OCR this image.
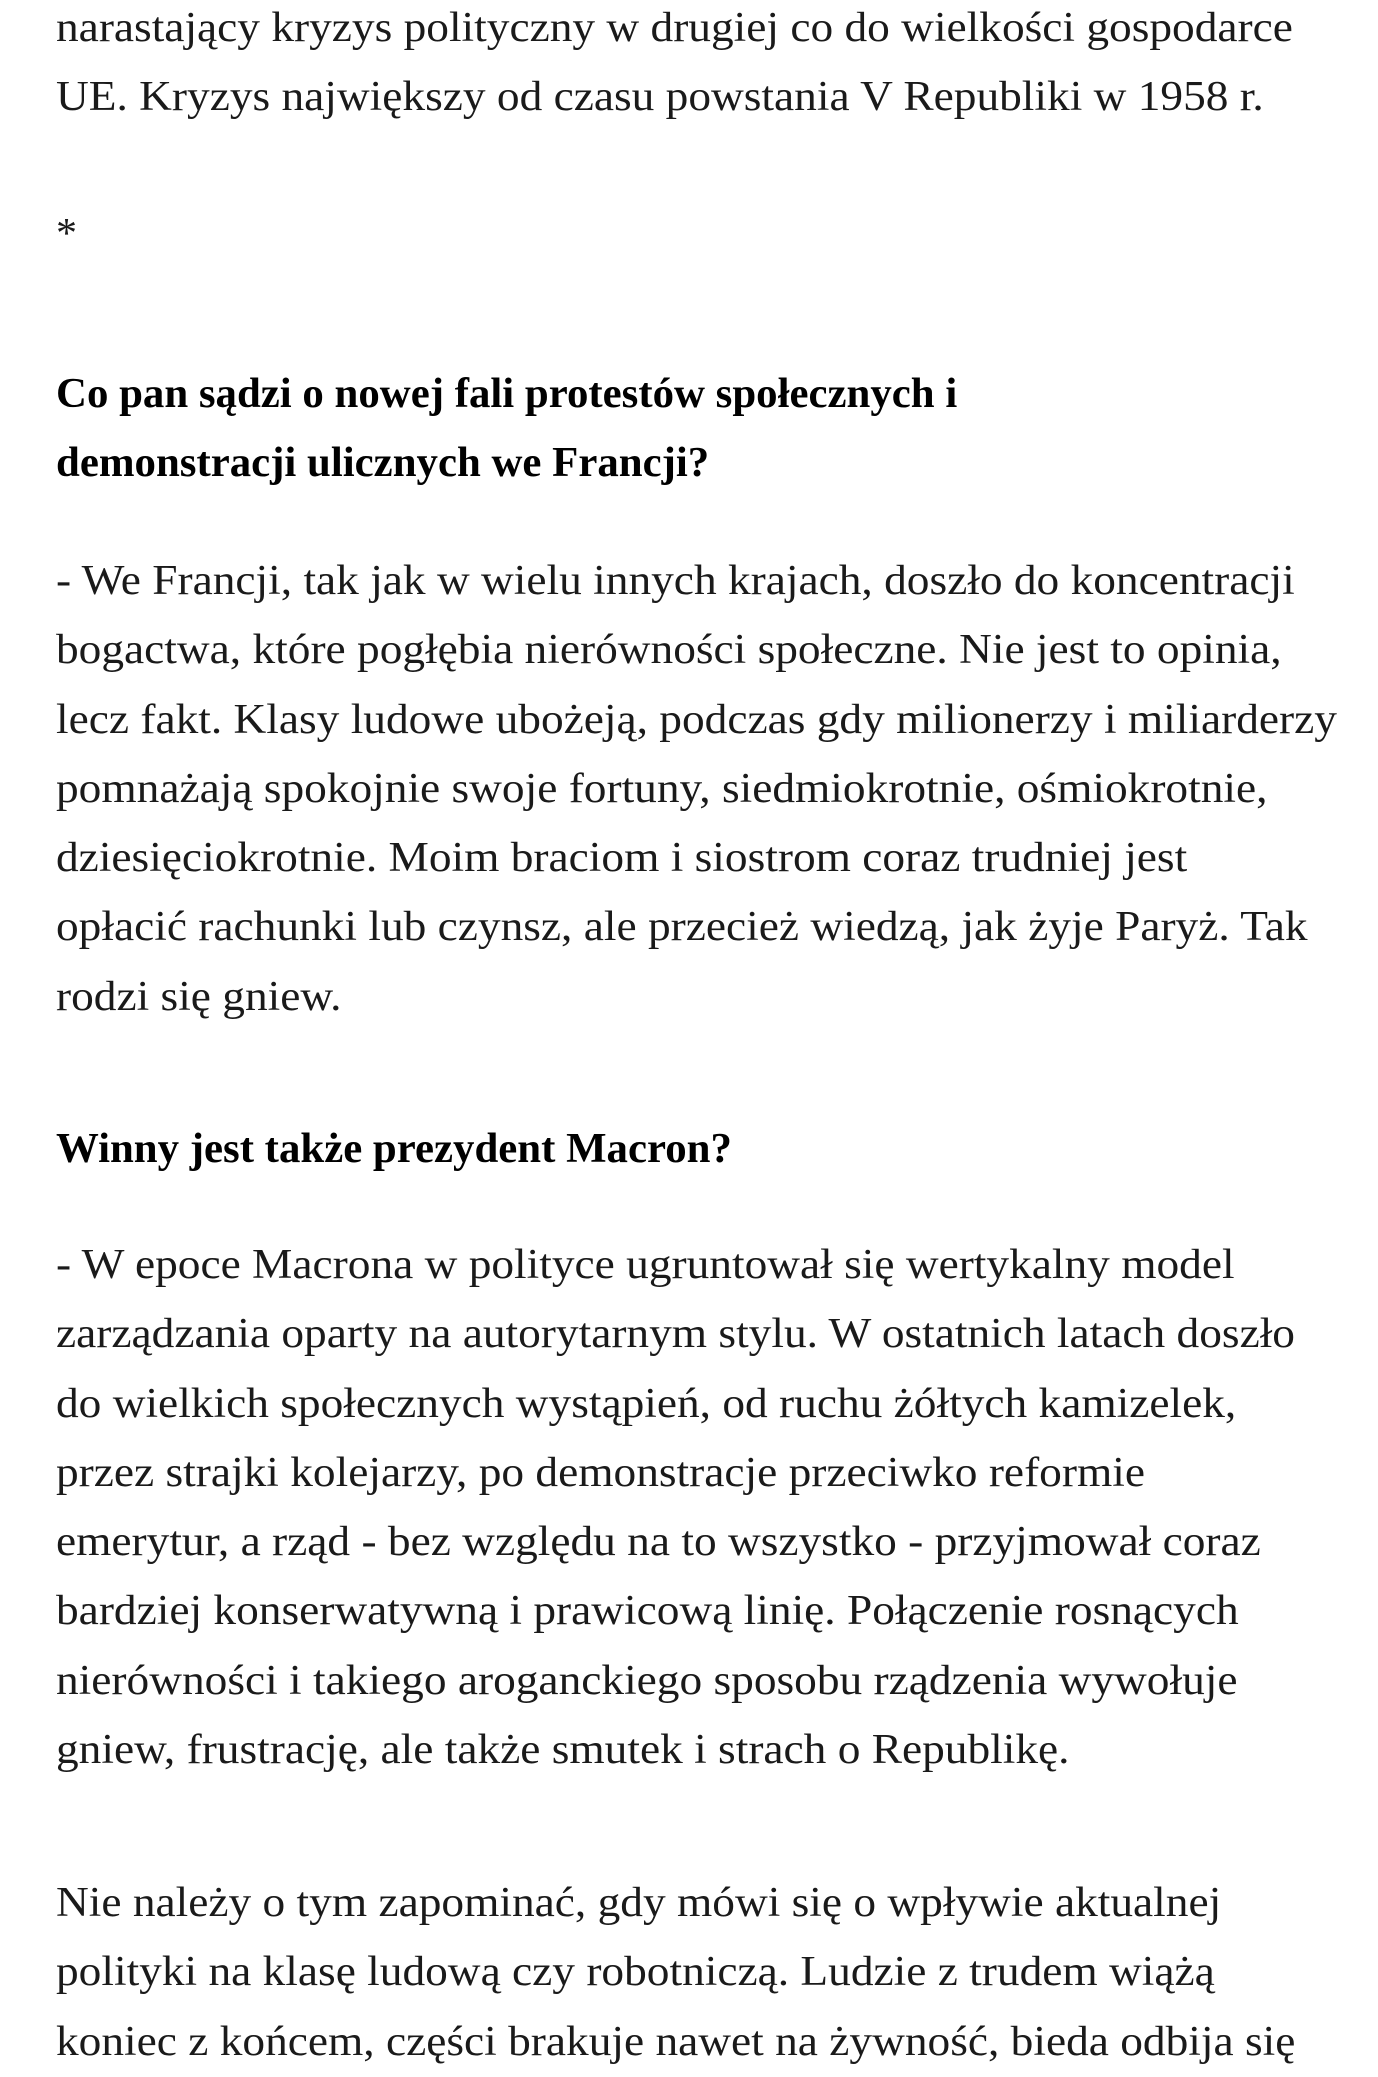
narastający kryzys polityczny w drugiej co do wielkości gospodarce
UE. Kryzys największy od czasu powstania V Republiki w 1958 r.
*
Co pan sądzi o nowej fali protestów społecznych i
demonstracji ulicznych we Francji?
- We Francji, tak jak w wielu innych krajach, doszło do koncentracji
bogactwa, które pogłębia nierówności społeczne. Nie jest to opinia,
lecz fakt. Klasy ludowe ubożeją, podczas gdy milionerzy i miliarderzy
pomnażają spokojnie swoje fortuny, siedmiokrotnie, ośmiokrotnie,
dziesięciokrotnie. Moim braciom i siostrom coraz trudniej jest
opłacić rachunki lub czynsz, ale przecież wiedzą, jak żyje Paryż. Tak
rodzi się gniew.
Winny jest także prezydent Macron?
- W epoce Macrona w polityce ugruntował się wertykalny model
zarządzania oparty na autorytarnym stylu. W ostatnich latach doszło
do wielkich społecznych wystąpień, od ruchu żółtych kamizelek,
przez strajki kolejarzy, po demonstracje przeciwko reformie
emerytur, a rząd - bez względu na to wszystko - przyjmował coraz
bardziej konserwatywną i prawicową linię. Połączenie rosnących
nierówności i takiego aroganckiego sposobu rządzenia wywołuje
gniew, frustrację, ale także smutek i strach o Republikę.
Nie należy o tym zapominać, gdy mówi się o wpływie aktualnej
polityki na klasę ludową czy robotniczą. Ludzie z trudem wiążą
koniec z końcem, części brakuje nawet na żywność, bieda odbija się
